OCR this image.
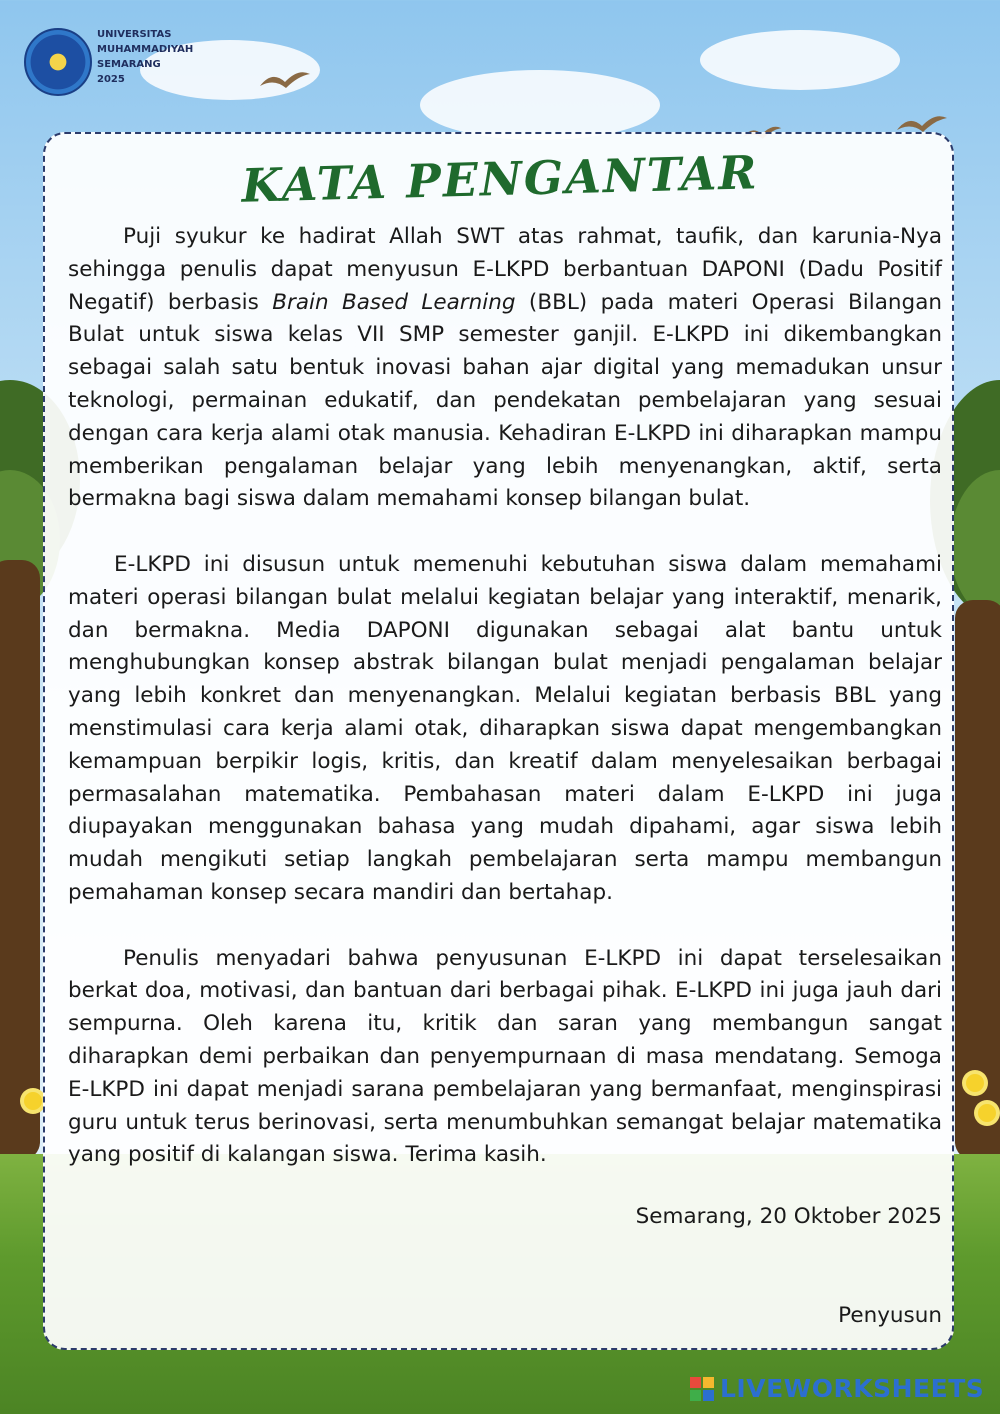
UNIVERSITAS
MUHAMMADIYAH
SEMARANG
2025
KATA PENGANTAR

Puji syukur ke hadirat Allah SWT atas rahmat, taufik, dan karunia-Nya sehingga penulis dapat menyusun E-LKPD berbantuan DAPONI (Dadu Positif Negatif) berbasis Brain Based Learning (BBL) pada materi Operasi Bilangan Bulat untuk siswa kelas VII SMP semester ganjil. E-LKPD ini dikembangkan sebagai salah satu bentuk inovasi bahan ajar digital yang memadukan unsur teknologi, permainan edukatif, dan pendekatan pembelajaran yang sesuai dengan cara kerja alami otak manusia. Kehadiran E-LKPD ini diharapkan mampu memberikan pengalaman belajar yang lebih menyenangkan, aktif, serta bermakna bagi siswa dalam memahami konsep bilangan bulat.

E-LKPD ini disusun untuk memenuhi kebutuhan siswa dalam memahami materi operasi bilangan bulat melalui kegiatan belajar yang interaktif, menarik, dan bermakna. Media DAPONI digunakan sebagai alat bantu untuk menghubungkan konsep abstrak bilangan bulat menjadi pengalaman belajar yang lebih konkret dan menyenangkan. Melalui kegiatan berbasis BBL yang menstimulasi cara kerja alami otak, diharapkan siswa dapat mengembangkan kemampuan berpikir logis, kritis, dan kreatif dalam menyelesaikan berbagai permasalahan matematika. Pembahasan materi dalam E-LKPD ini juga diupayakan menggunakan bahasa yang mudah dipahami, agar siswa lebih mudah mengikuti setiap langkah pembelajaran serta mampu membangun pemahaman konsep secara mandiri dan bertahap.

Penulis menyadari bahwa penyusunan E-LKPD ini dapat terselesaikan berkat doa, motivasi, dan bantuan dari berbagai pihak. E-LKPD ini juga jauh dari sempurna. Oleh karena itu, kritik dan saran yang membangun sangat diharapkan demi perbaikan dan penyempurnaan di masa mendatang. Semoga E-LKPD ini dapat menjadi sarana pembelajaran yang bermanfaat, menginspirasi guru untuk terus berinovasi, serta menumbuhkan semangat belajar matematika yang positif di kalangan siswa. Terima kasih.

Semarang, 20 Oktober 2025
Penyusun
LIVEWORKSHEETS
